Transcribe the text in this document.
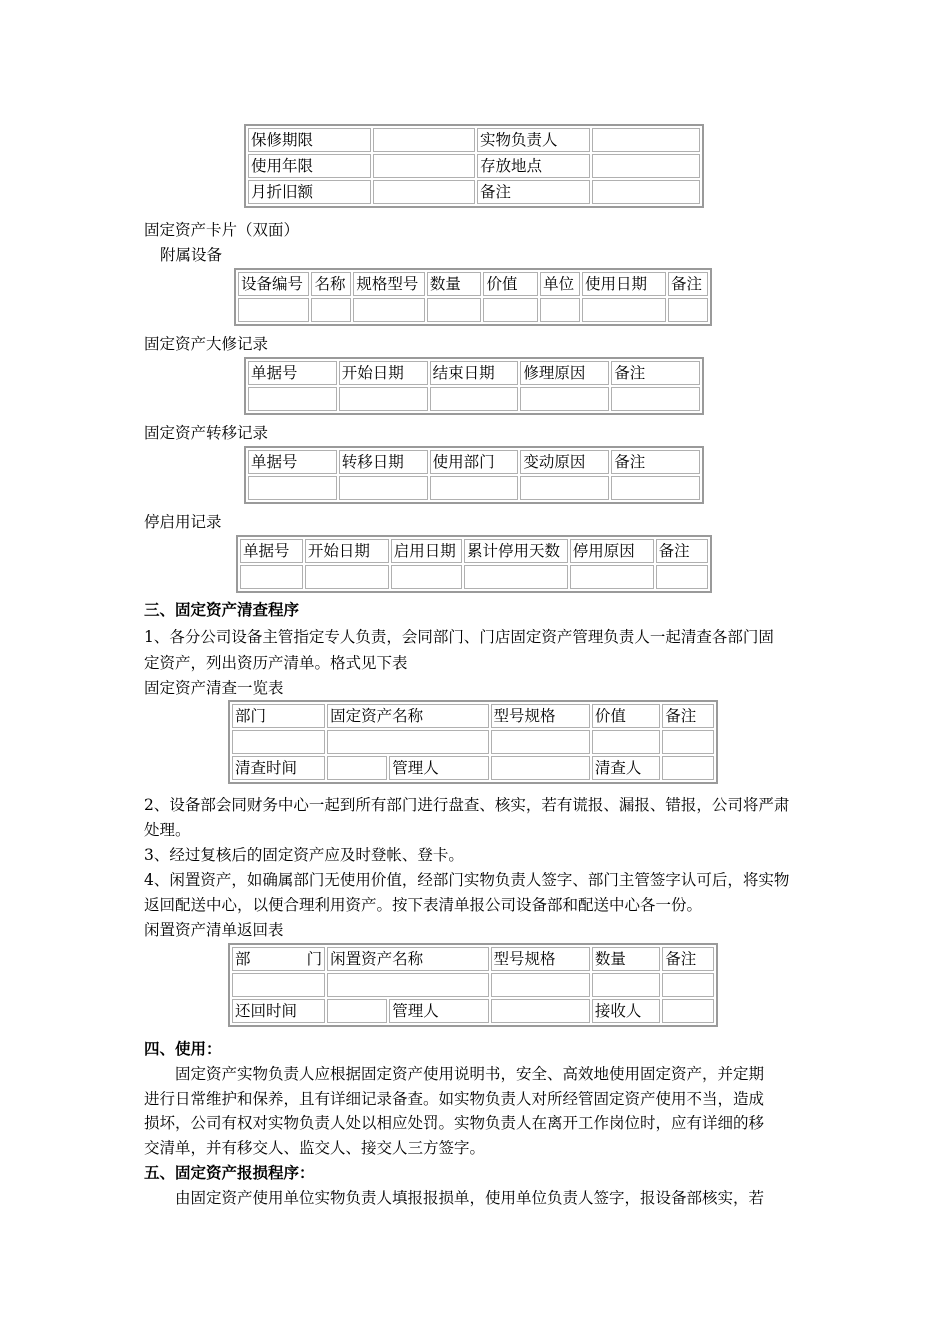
保修期限		实物负责人	
使用年限		存放地点	
月折旧额		备注	
固定资产卡片（双面）
附属设备
设备编号	名称	规格型号	数量	价值	单位	使用日期	备注

固定资产大修记录
单据号	开始日期	结束日期	修理原因	备注

固定资产转移记录
单据号	转移日期	使用部门	变动原因	备注

停启用记录
单据号	开始日期	启用日期	累计停用天数	停用原因	备注

三、固定资产清查程序
1、各分公司设备主管指定专人负责，会同部门、门店固定资产管理负责人一起清查各部门固
定资产，列出资历产清单。格式见下表
固定资产清查一览表
部门	固定资产名称		型号规格	价值	备注

清查时间		管理人		清查人	
2、设备部会同财务中心一起到所有部门进行盘查、核实，若有谎报、漏报、错报，公司将严肃
处理。
3、经过复核后的固定资产应及时登帐、登卡。
4、闲置资产，如确属部门无使用价值，经部门实物负责人签字、部门主管签字认可后，将实物
返回配送中心，以便合理利用资产。按下表清单报公司设备部和配送中心各一份。
闲置资产清单返回表
部 门	闲置资产名称		型号规格	数量	备注

还回时间		管理人		接收人	
四、使用：
　　固定资产实物负责人应根据固定资产使用说明书，安全、高效地使用固定资产，并定期
进行日常维护和保养，且有详细记录备查。如实物负责人对所经管固定资产使用不当，造成
损坏，公司有权对实物负责人处以相应处罚。实物负责人在离开工作岗位时，应有详细的移
交清单，并有移交人、监交人、接交人三方签字。
五、固定资产报损程序：
　　由固定资产使用单位实物负责人填报报损单，使用单位负责人签字，报设备部核实，若
